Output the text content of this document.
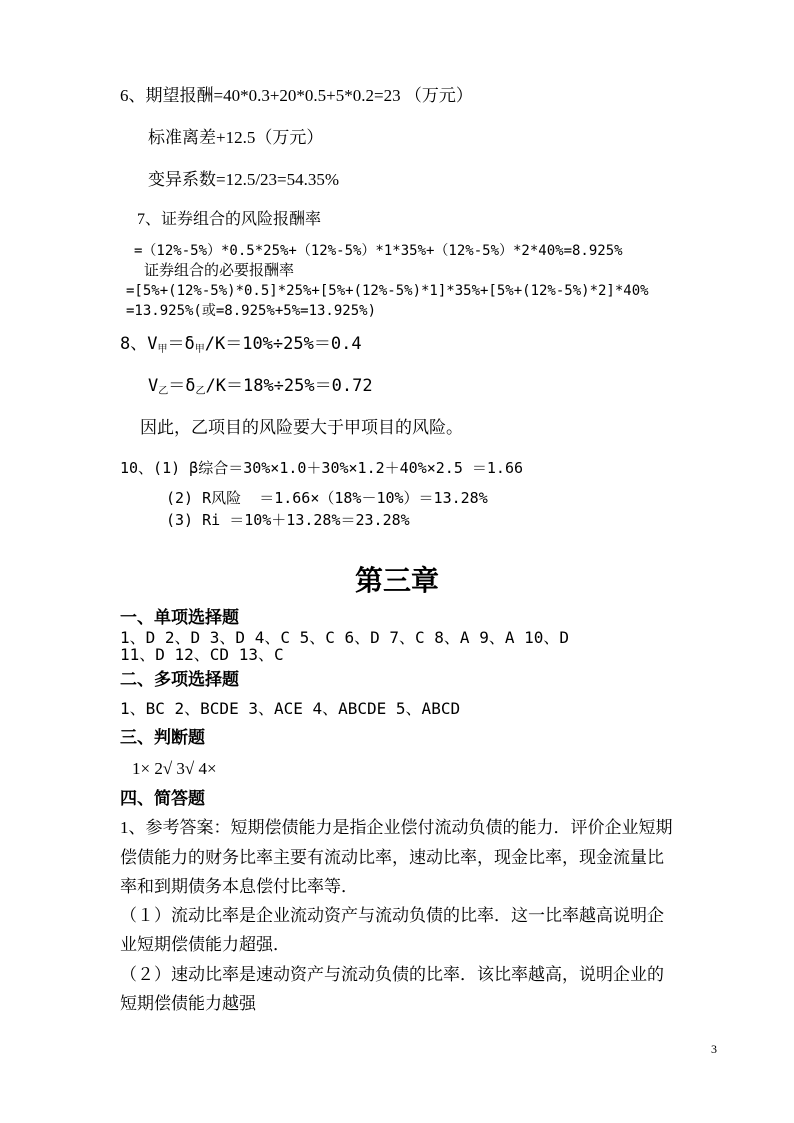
6、期望报酬=40*0.3+20*0.5+5*0.2=23 （万元）
标准离差+12.5（万元）
变异系数=12.5/23=54.35%
7、证券组合的风险报酬率
=（12%-5%）*0.5*25%+（12%-5%）*1*35%+（12%-5%）*2*40%=8.925%
证券组合的必要报酬率
=[5%+(12%-5%)*0.5]*25%+[5%+(12%-5%)*1]*35%+[5%+(12%-5%)*2]*40%
=13.925%(或=8.925%+5%=13.925%)
8、$V_甲=\delta_甲/K=10\%\div 25\%=0.4$
$V_乙=\delta_乙/K=18\%\div 25\%=0.72$
因此，乙项目的风险要大于甲项目的风险。
10、(1) β综合＝30%×1.0＋30%×1.2＋40%×2.5 ＝1.66
(2) R风险  ＝1.66×（18%－10%）＝13.28%
(3) Ri ＝10%＋13.28%＝23.28%
第三章
一、单项选择题
1、D 2、D 3、D 4、C 5、C 6、D 7、C 8、A 9、A 10、D
11、D 12、CD 13、C
二、多项选择题
1、BC 2、BCDE 3、ACE 4、ABCDE 5、ABCD
三、判断题
1× 2√ 3√ 4×
四、简答题
1、参考答案：短期偿债能力是指企业偿付流动负债的能力．评价企业短期
偿债能力的财务比率主要有流动比率，速动比率，现金比率，现金流量比
率和到期债务本息偿付比率等．
（１）流动比率是企业流动资产与流动负债的比率．这一比率越高说明企
业短期偿债能力超强．
（２）速动比率是速动资产与流动负债的比率．该比率越高，说明企业的
短期偿债能力越强
3
